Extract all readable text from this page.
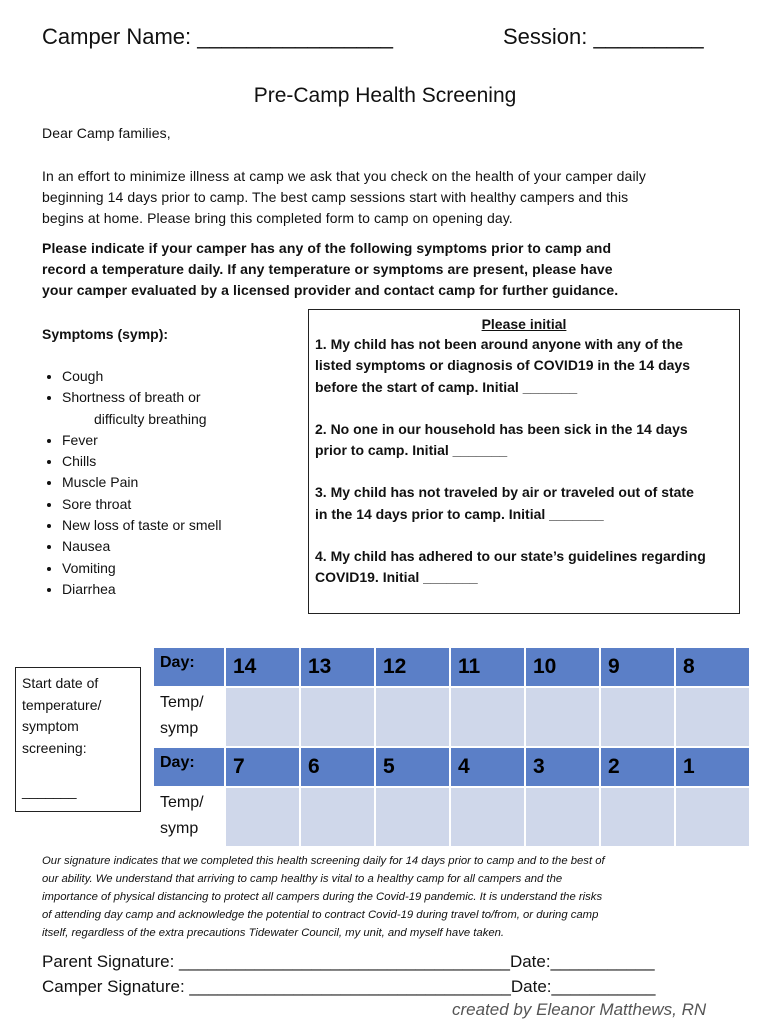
Camper Name: ________________	Session: _________
Pre-Camp Health Screening
Dear Camp families,
In an effort to minimize illness at camp we ask that you check on the health of your camper daily
beginning 14 days prior to camp. The best camp sessions start with healthy campers and this
begins at home. Please bring this completed form to camp on opening day.
Please indicate if your camper has any of the following symptoms prior to camp and
record a temperature daily. If any temperature or symptoms are present, please have
your camper evaluated by a licensed provider and contact camp for further guidance.
Symptoms (symp):
• Cough
• Shortness of breath or
difficulty breathing
• Fever
• Chills
• Muscle Pain
• Sore throat
• New loss of taste or smell
• Nausea
• Vomiting
• Diarrhea
Please initial
1. My child has not been around anyone with any of the
listed symptoms or diagnosis of COVID19 in the 14 days
before the start of camp. Initial _______
2. No one in our household has been sick in the 14 days
prior to camp. Initial _______
3. My child has not traveled by air or traveled out of state
in the 14 days prior to camp. Initial _______
4. My child has adhered to our state’s guidelines regarding
COVID19. Initial _______
Start date of
temperature/
symptom
screening:
_______
Day:	14	13	12	11	10	9	8

Temp/
symp							

Day:	7	6	5	4	3	2	1

Temp/
symp							

Our signature indicates that we completed this health screening daily for 14 days prior to camp and to the best of
our ability. We understand that arriving to camp healthy is vital to a healthy camp for all campers and the
importance of physical distancing to protect all campers during the Covid-19 pandemic. It is understand the risks
of attending day camp and acknowledge the potential to contract Covid-19 during travel to/from, or during camp
itself, regardless of the extra precautions Tidewater Council, my unit, and myself have taken.
Parent Signature: ___________________________________Date:___________
Camper Signature: __________________________________Date:___________
created by Eleanor Matthews, RN
